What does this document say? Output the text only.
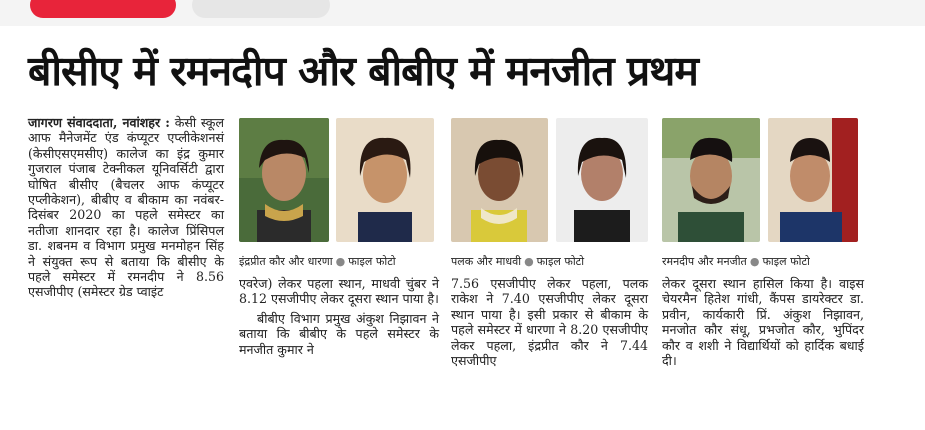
बीसीए में रमनदीप और बीबीए में मनजीत प्रथम

जागरण संवाददाता, नवांशहर : केसी स्कूल आफ मैनेजमेंट एंड कंप्यूटर एप्लीकेशनसं (केसीएसएमसीए) कालेज का इंद्र कुमार गुजराल पंजाब टेक्नीकल यूनिवर्सिटी द्वारा घोषित बीसीए (बैचलर आफ कंप्यूटर एप्लीकेशन), बीबीए व बीकाम का नवंबर-दिसंबर 2020 का पहले समेस्टर का नतीजा शानदार रहा है। कालेज प्रिंसिपल डा. शबनम व विभाग प्रमुख मनमोहन सिंह ने संयुक्त रूप से बताया कि बीसीए के पहले समेस्टर में रमनदीप ने 8.56 एसजीपीए (समेस्टर ग्रेड प्वाइंट

इंद्रप्रीत कौर और धारणा ● फाइल फोटो	पलक और माधवी ● फाइल फोटो	रमनदीप और मनजीत ● फाइल फोटो

एवरेज) लेकर पहला स्थान, माधवी चुंबर ने 8.12 एसजीपीए लेकर दूसरा स्थान पाया है।

बीबीए विभाग प्रमुख अंकुश निझावन ने बताया कि बीबीए के पहले समेस्टर के मनजीत कुमार ने

7.56 एसजीपीए लेकर पहला, पलक राकेश ने 7.40 एसजीपीए लेकर दूसरा स्थान पाया है। इसी प्रकार से बीकाम के पहले समेस्टर में धारणा ने 8.20 एसजीपीए लेकर पहला, इंद्रप्रीत कौर ने 7.44 एसजीपीए

लेकर दूसरा स्थान हासिल किया है। वाइस चेयरमैन हितेश गांधी, कैंपस डायरेक्टर डा. प्रवीन, कार्यकारी प्रिं. अंकुश निझावन, मनजोत कौर संधू, प्रभजोत कौर, भुपिंदर कौर व शशी ने विद्यार्थियों को हार्दिक बधाई दी।
